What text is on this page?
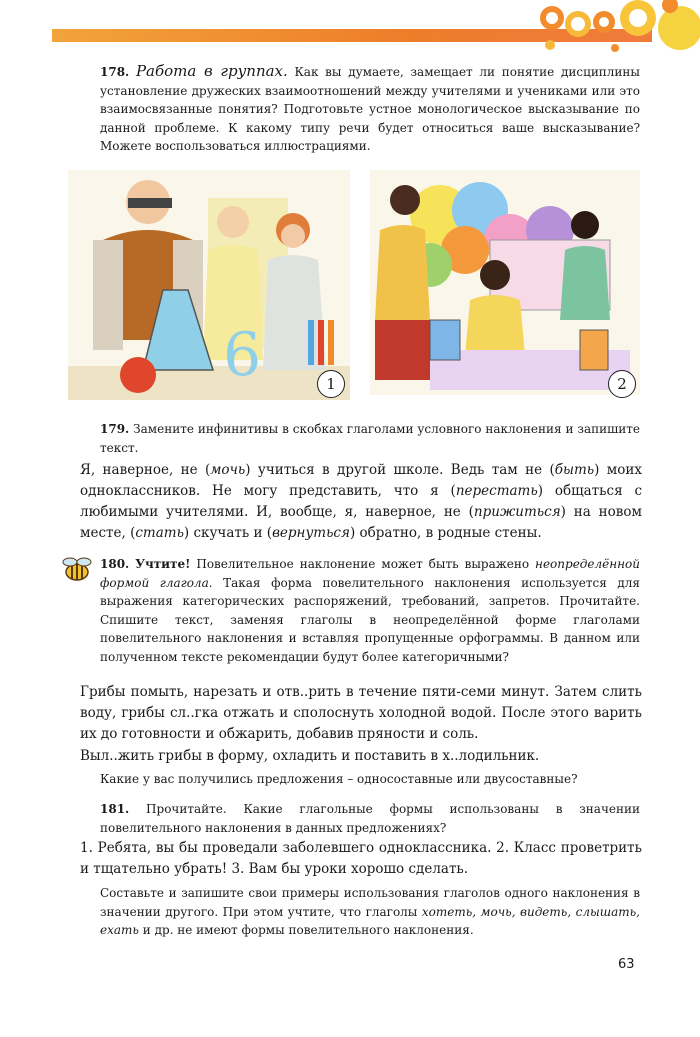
178. Работа в группах. Как вы думаете, замещает ли понятие дисциплины установление дружеских взаимоотношений между учителями и учениками или это взаимосвязанные понятия? Подготовьте устное монологическое высказывание по данной проблеме. К какому типу речи будет относиться ваше высказывание? Можете воспользоваться иллюстрациями.
6	1	2
179. Замените инфинитивы в скобках глаголами условного наклонения и запишите текст.
Я, наверное, не (мочь) учиться в другой школе. Ведь там не (быть) моих одноклассников. Не могу представить, что я (перестать) общаться с любимыми учителями. И, вообще, я, наверное, не (прижиться) на новом месте, (стать) скучать и (вернуться) обратно, в родные стены.
180. Учтите! Повелительное наклонение может быть выражено неопределённой формой глагола. Такая форма повелительного наклонения используется для выражения категорических распоряжений, требований, запретов. Прочитайте. Спишите текст, заменяя глаголы в неопределённой форме глаголами повелительного наклонения и вставляя пропущенные орфограммы. В данном или полученном тексте рекомендации будут более категоричными?
Грибы помыть, нарезать и отв..рить в течение пяти-семи минут. Затем слить воду, грибы сл..гка отжать и сполоснуть холодной водой. После этого варить их до готовности и обжарить, добавив пряности и соль.
Выл..жить грибы в форму, охладить и поставить в х..лодильник.
Какие у вас получились предложения – односоставные или двусоставные?
181. Прочитайте. Какие глагольные формы использованы в значении повелительного наклонения в данных предложениях?
1. Ребята, вы бы проведали заболевшего одноклассника. 2. Класс проветрить и тщательно убрать! 3. Вам бы уроки хорошо сделать.
Составьте и запишите свои примеры использования глаголов одного наклонения в значении другого. При этом учтите, что глаголы хотеть, мочь, видеть, слышать, ехать и др. не имеют формы повелительного наклонения.
63
